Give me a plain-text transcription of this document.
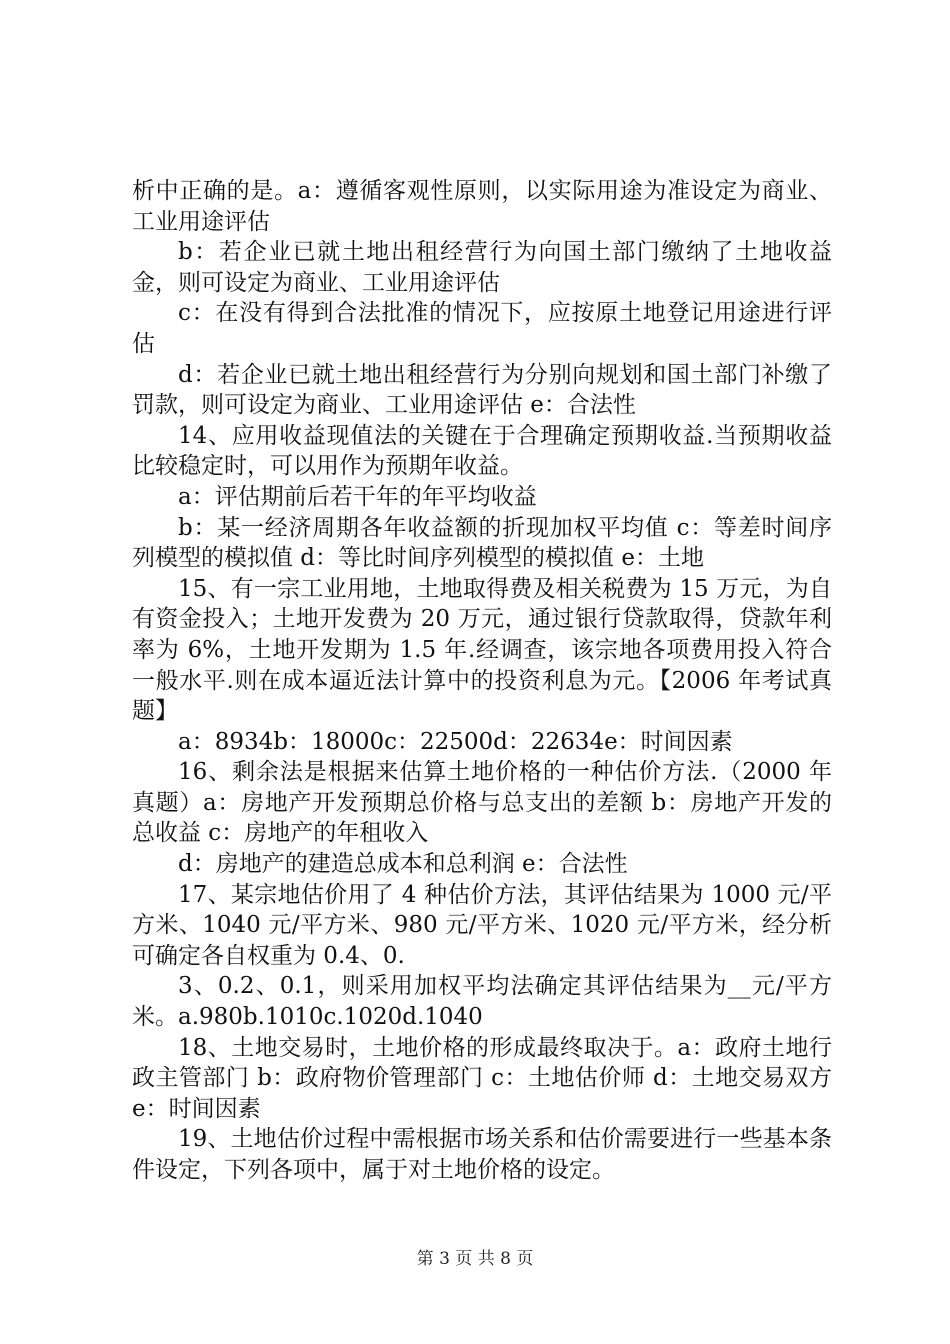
析中正确的是。a：遵循客观性原则，以实际用途为准设定为商业、工业用途评估

b：若企业已就土地出租经营行为向国土部门缴纳了土地收益金，则可设定为商业、工业用途评估

c：在没有得到合法批准的情况下，应按原土地登记用途进行评估

d：若企业已就土地出租经营行为分别向规划和国土部门补缴了罚款，则可设定为商业、工业用途评估 e：合法性

14、应用收益现值法的关键在于合理确定预期收益.当预期收益比较稳定时，可以用作为预期年收益。

a：评估期前后若干年的年平均收益

b：某一经济周期各年收益额的折现加权平均值 c：等差时间序列模型的模拟值 d：等比时间序列模型的模拟值 e：土地

15、有一宗工业用地，土地取得费及相关税费为 15 万元，为自有资金投入；土地开发费为 20 万元，通过银行贷款取得，贷款年利率为 6%，土地开发期为 1.5 年.经调查，该宗地各项费用投入符合一般水平.则在成本逼近法计算中的投资利息为元。【2006 年考试真题】

a：8934b：18000c：22500d：22634e：时间因素

16、剩余法是根据来估算土地价格的一种估价方法.（2000 年真题）a：房地产开发预期总价格与总支出的差额 b：房地产开发的总收益 c：房地产的年租收入

d：房地产的建造总成本和总利润 e：合法性

17、某宗地估价用了 4 种估价方法，其评估结果为 1000 元/平方米、1040 元/平方米、980 元/平方米、1020 元/平方米，经分析可确定各自权重为 0.4、0.

3、0.2、0.1，则采用加权平均法确定其评估结果为__元/平方米。a.980b.1010c.1020d.1040

18、土地交易时，土地价格的形成最终取决于。a：政府土地行政主管部门 b：政府物价管理部门 c：土地估价师 d：土地交易双方 e：时间因素

19、土地估价过程中需根据市场关系和估价需要进行一些基本条件设定，下列各项中，属于对土地价格的设定。

第 3 页 共 8 页
